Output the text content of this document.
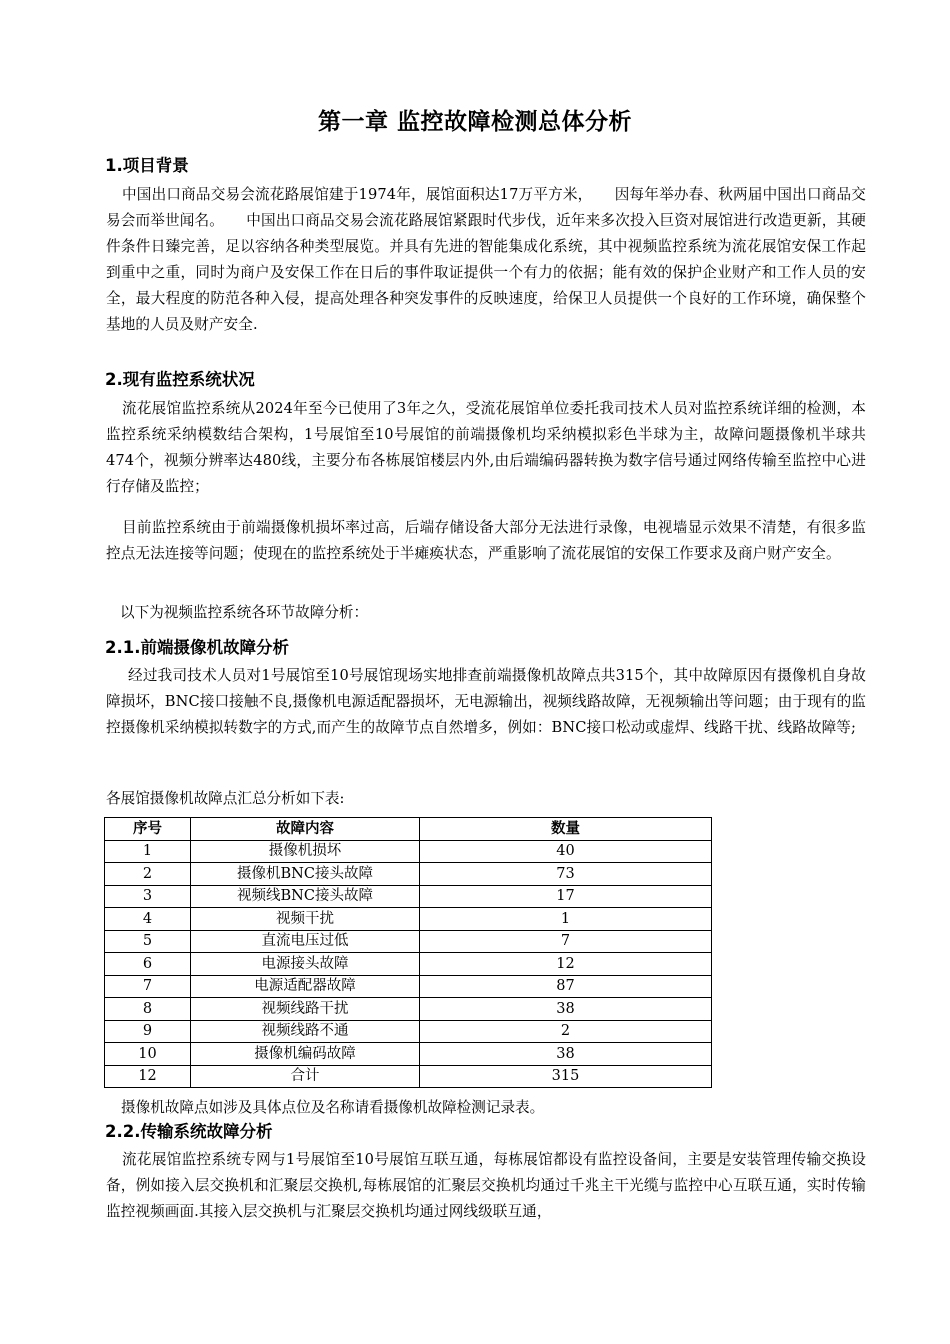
第一章 监控故障检测总体分析
1.项目背景

中国出口商品交易会流花路展馆建于1974年，展馆面积达17万平方米，　　因每年举办春、秋两届中国出口商品交易会而举世闻名。　　中国出口商品交易会流花路展馆紧跟时代步伐，近年来多次投入巨资对展馆进行改造更新，其硬件条件日臻完善，足以容纳各种类型展览。并具有先进的智能集成化系统，其中视频监控系统为流花展馆安保工作起到重中之重，同时为商户及安保工作在日后的事件取证提供一个有力的依据；能有效的保护企业财产和工作人员的安全，最大程度的防范各种入侵，提高处理各种突发事件的反映速度，给保卫人员提供一个良好的工作环境，确保整个基地的人员及财产安全.

2.现有监控系统状况

流花展馆监控系统从2024年至今已使用了3年之久，受流花展馆单位委托我司技术人员对监控系统详细的检测，本监控系统采纳模数结合架构，1号展馆至10号展馆的前端摄像机均采纳模拟彩色半球为主，故障问题摄像机半球共474个，视频分辨率达480线，主要分布各栋展馆楼层内外,由后端编码器转换为数字信号通过网络传输至监控中心进行存储及监控；

目前监控系统由于前端摄像机损坏率过高，后端存储设备大部分无法进行录像，电视墙显示效果不清楚，有很多监控点无法连接等问题；使现在的监控系统处于半瘫痪状态，严重影响了流花展馆的安保工作要求及商户财产安全。

以下为视频监控系统各环节故障分析：

2.1.前端摄像机故障分析

经过我司技术人员对1号展馆至10号展馆现场实地排查前端摄像机故障点共315个，其中故障原因有摄像机自身故障损坏，BNC接口接触不良,摄像机电源适配器损坏，无电源输出，视频线路故障，无视频输出等问题；由于现有的监控摄像机采纳模拟转数字的方式,而产生的故障节点自然增多，例如：BNC接口松动或虚焊、线路干扰、线路故障等;

各展馆摄像机故障点汇总分析如下表:

序号	故障内容	数量
1	摄像机损坏	40
2	摄像机BNC接头故障	73
3	视频线BNC接头故障	17
4	视频干扰	1
5	直流电压过低	7
6	电源接头故障	12
7	电源适配器故障	87
8	视频线路干扰	38
9	视频线路不通	2
10	摄像机编码故障	38
12	合计	315

摄像机故障点如涉及具体点位及名称请看摄像机故障检测记录表。

2.2.传输系统故障分析

流花展馆监控系统专网与1号展馆至10号展馆互联互通，每栋展馆都设有监控设备间，主要是安装管理传输交换设备，例如接入层交换机和汇聚层交换机,每栋展馆的汇聚层交换机均通过千兆主干光缆与监控中心互联互通，实时传输监控视频画面.其接入层交换机与汇聚层交换机均通过网线级联互通，
